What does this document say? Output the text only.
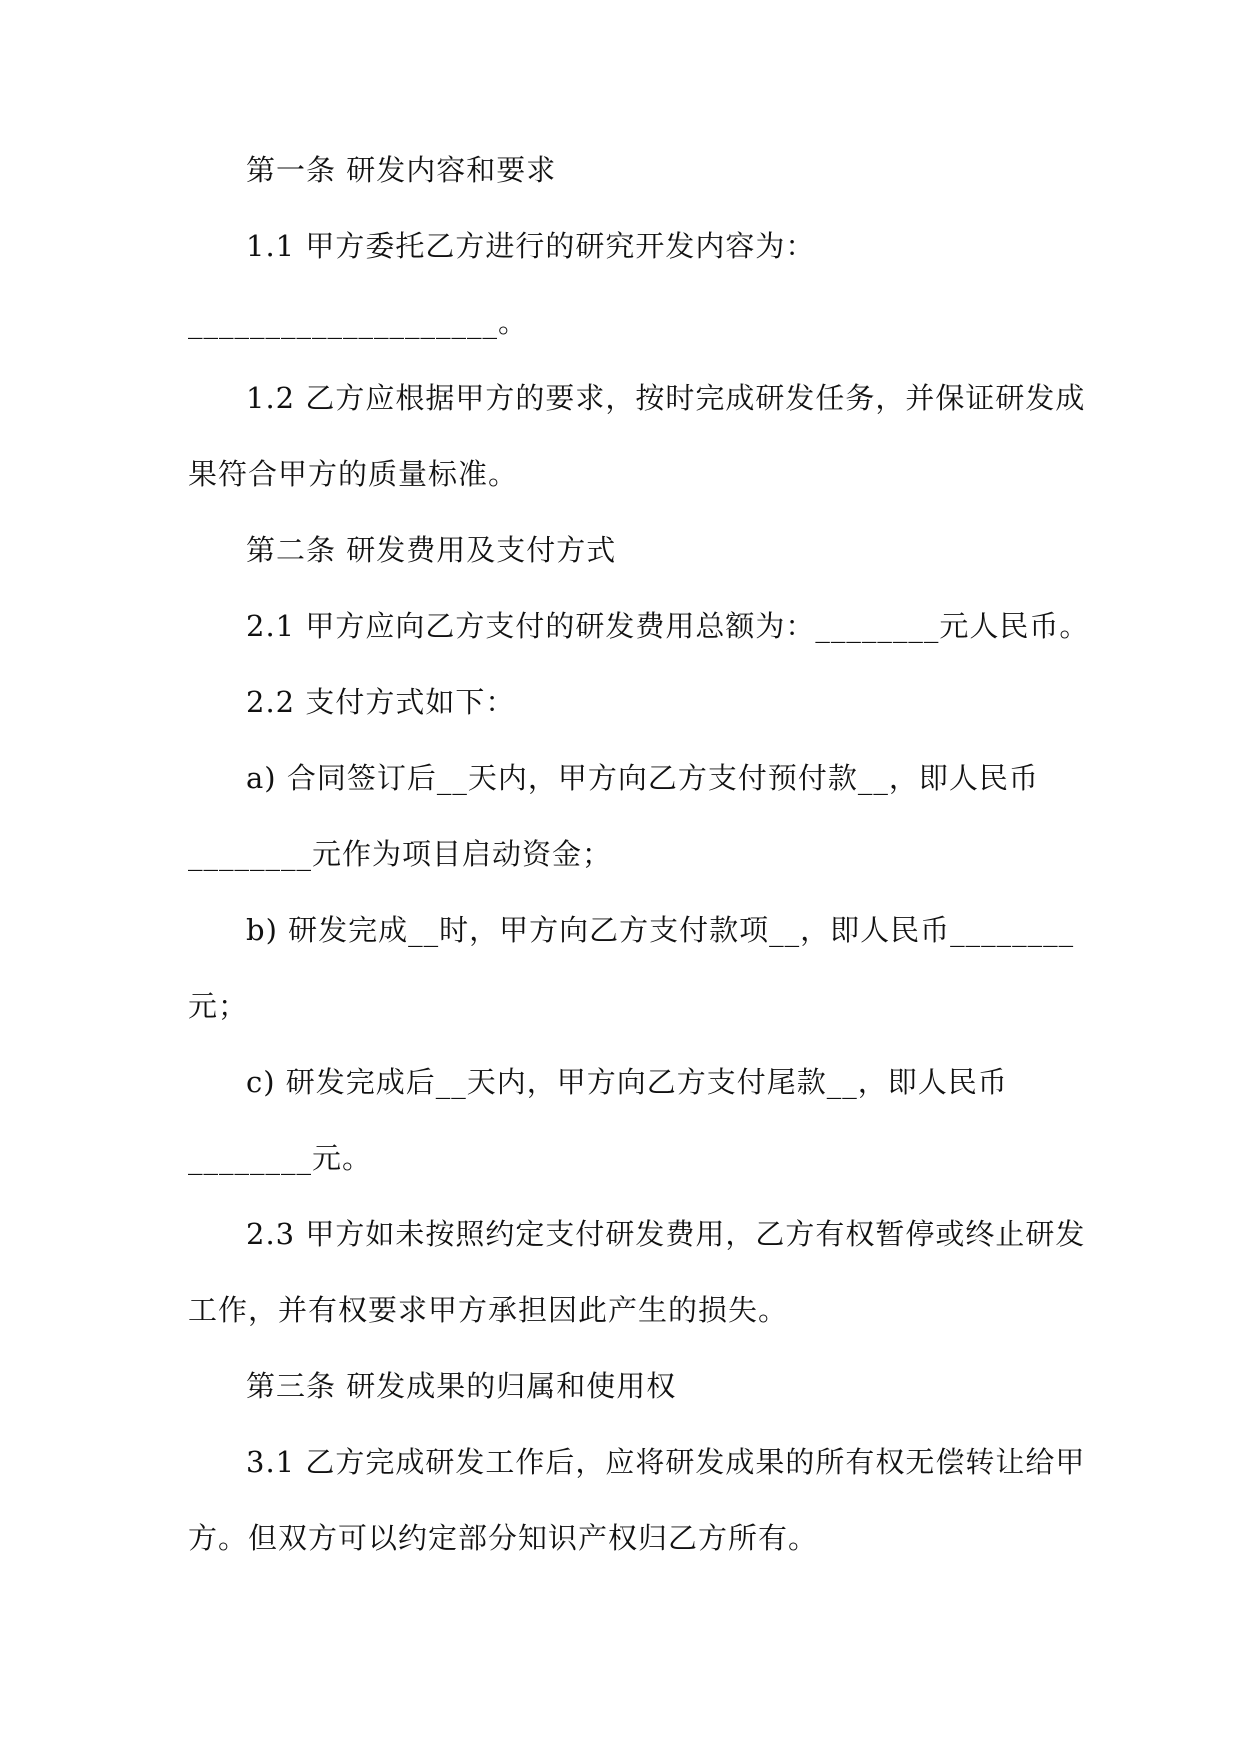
第一条 研发内容和要求
1.1 甲方委托乙方进行的研究开发内容为：
____________________。
1.2 乙方应根据甲方的要求，按时完成研发任务，并保证研发成
果符合甲方的质量标准。
第二条 研发费用及支付方式
2.1 甲方应向乙方支付的研发费用总额为：________元人民币。
2.2 支付方式如下：
a) 合同签订后__天内，甲方向乙方支付预付款__，即人民币
________元作为项目启动资金；
b) 研发完成__时，甲方向乙方支付款项__，即人民币________
元；
c) 研发完成后__天内，甲方向乙方支付尾款__，即人民币
________元。
2.3 甲方如未按照约定支付研发费用，乙方有权暂停或终止研发
工作，并有权要求甲方承担因此产生的损失。
第三条 研发成果的归属和使用权
3.1 乙方完成研发工作后，应将研发成果的所有权无偿转让给甲
方。但双方可以约定部分知识产权归乙方所有。
